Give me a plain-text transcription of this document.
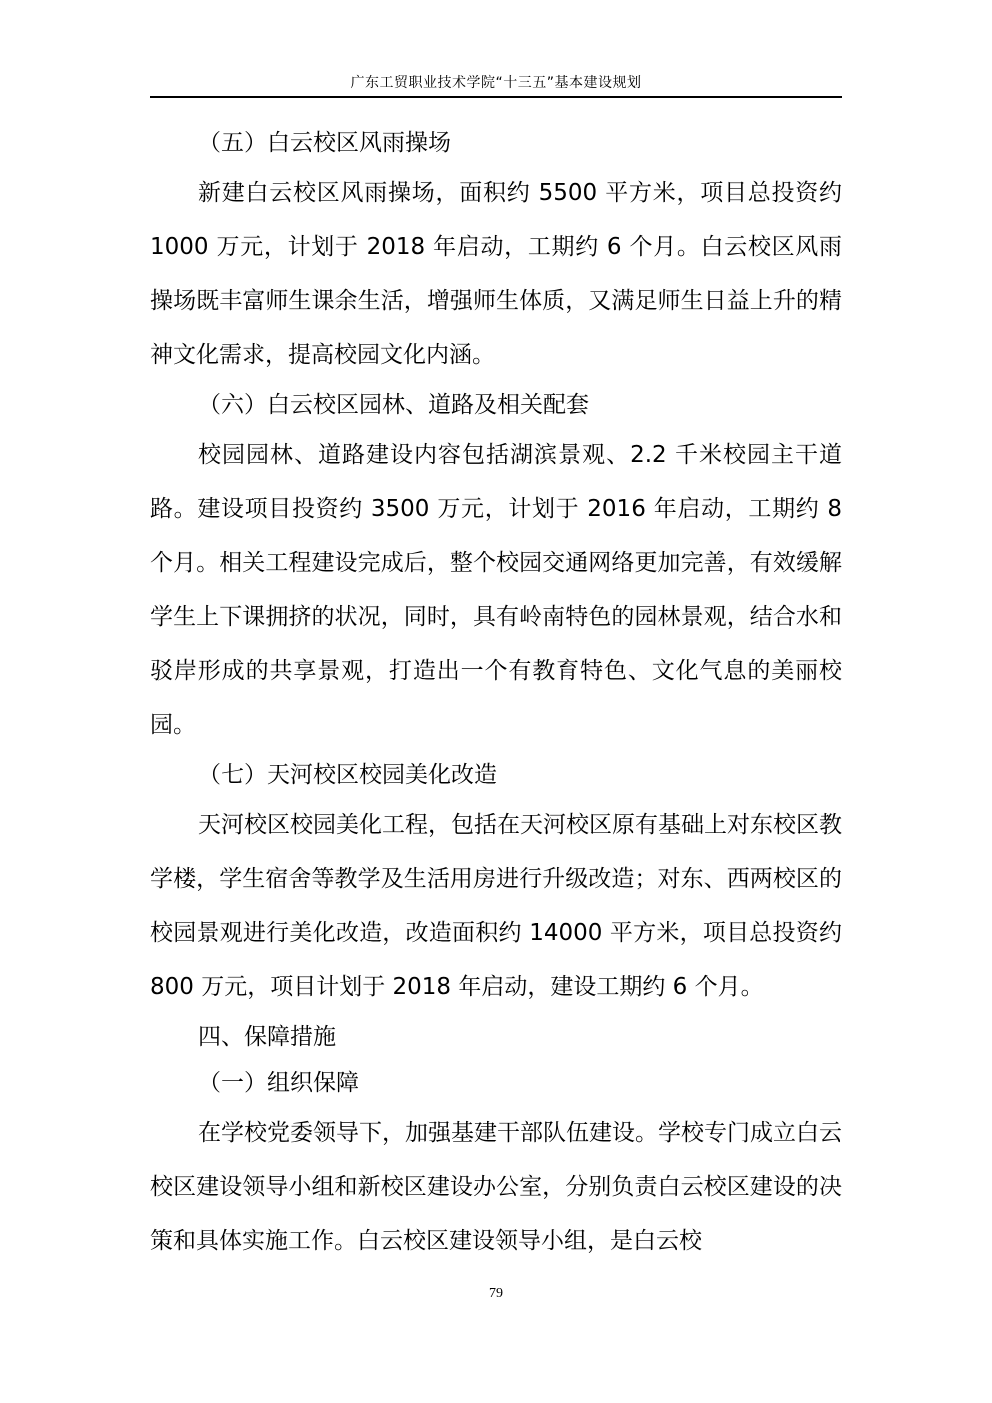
广东工贸职业技术学院“十三五”基本建设规划
（五）白云校区风雨操场
新建白云校区风雨操场，面积约 5500 平方米，项目总投资约 1000 万元，计划于 2018 年启动，工期约 6 个月。白云校区风雨操场既丰富师生课余生活，增强师生体质，又满足师生日益上升的精神文化需求，提高校园文化内涵。
（六）白云校区园林、道路及相关配套
校园园林、道路建设内容包括湖滨景观、2.2 千米校园主干道路。建设项目投资约 3500 万元，计划于 2016 年启动，工期约 8 个月。相关工程建设完成后，整个校园交通网络更加完善，有效缓解学生上下课拥挤的状况，同时，具有岭南特色的园林景观，结合水和驳岸形成的共享景观，打造出一个有教育特色、文化气息的美丽校园。
（七）天河校区校园美化改造
天河校区校园美化工程，包括在天河校区原有基础上对东校区教学楼，学生宿舍等教学及生活用房进行升级改造；对东、西两校区的校园景观进行美化改造，改造面积约 14000 平方米，项目总投资约 800 万元，项目计划于 2018 年启动，建设工期约 6 个月。
四、保障措施
（一）组织保障
在学校党委领导下，加强基建干部队伍建设。学校专门成立白云校区建设领导小组和新校区建设办公室，分别负责白云校区建设的决策和具体实施工作。白云校区建设领导小组，是白云校
79
